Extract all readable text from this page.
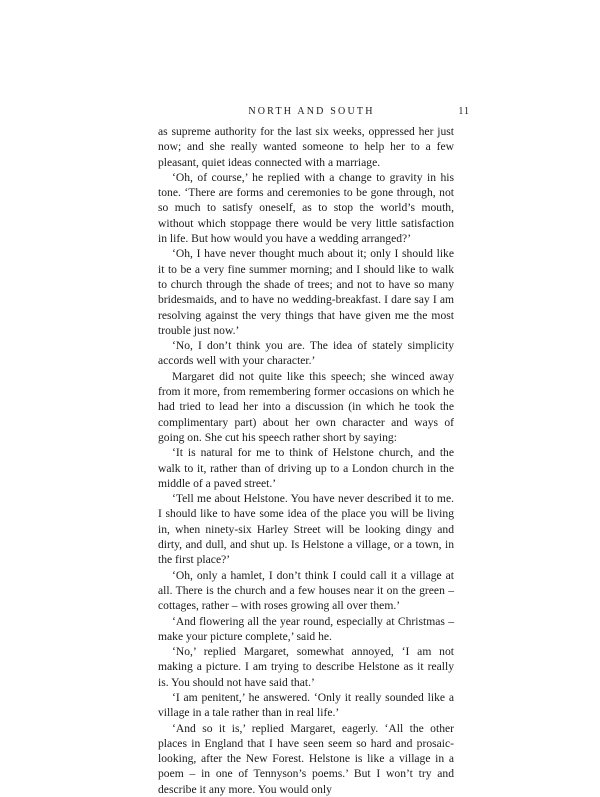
NORTH AND SOUTH	11

as supreme authority for the last six weeks, oppressed her just now; and she really wanted someone to help her to a few pleasant, quiet ideas connected with a marriage.

‘Oh, of course,’ he replied with a change to gravity in his tone. ‘There are forms and ceremonies to be gone through, not so much to satisfy oneself, as to stop the world’s mouth, without which stoppage there would be very little satisfaction in life. But how would you have a wedding arranged?’

‘Oh, I have never thought much about it; only I should like it to be a very fine summer morning; and I should like to walk to church through the shade of trees; and not to have so many bridesmaids, and to have no wedding-breakfast. I dare say I am resolving against the very things that have given me the most trouble just now.’

‘No, I don’t think you are. The idea of stately simplicity accords well with your character.’

Margaret did not quite like this speech; she winced away from it more, from remembering former occasions on which he had tried to lead her into a discussion (in which he took the complimentary part) about her own character and ways of going on. She cut his speech rather short by saying:

‘It is natural for me to think of Helstone church, and the walk to it, rather than of driving up to a London church in the middle of a paved street.’

‘Tell me about Helstone. You have never described it to me. I should like to have some idea of the place you will be living in, when ninety-six Harley Street will be looking dingy and dirty, and dull, and shut up. Is Helstone a village, or a town, in the first place?’

‘Oh, only a hamlet, I don’t think I could call it a village at all. There is the church and a few houses near it on the green – cottages, rather – with roses growing all over them.’

‘And flowering all the year round, especially at Christmas – make your picture complete,’ said he.

‘No,’ replied Margaret, somewhat annoyed, ‘I am not making a picture. I am trying to describe Helstone as it really is. You should not have said that.’

‘I am penitent,’ he answered. ‘Only it really sounded like a village in a tale rather than in real life.’

‘And so it is,’ replied Margaret, eagerly. ‘All the other places in England that I have seen seem so hard and prosaic-looking, after the New Forest. Helstone is like a village in a poem – in one of Tennyson’s poems.’ But I won’t try and describe it any more. You would only
